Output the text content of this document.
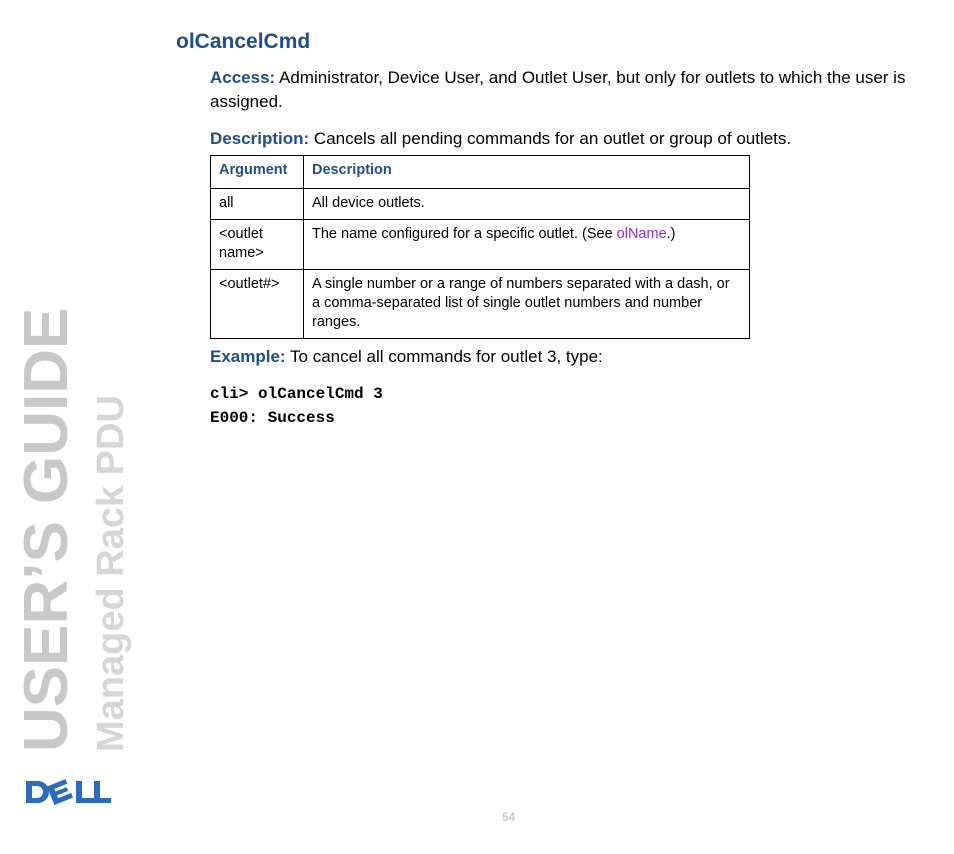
USER’S GUIDE Managed Rack PDU
olCancelCmd

Access: Administrator, Device User, and Outlet User, but only for outlets to which the user is assigned.

Description: Cancels all pending commands for an outlet or group of outlets.

Argument	Description
all	All device outlets.
<outlet name>	The name configured for a specific outlet. (See olName.)
<outlet#>	A single number or a range of numbers separated with a dash, or a comma-separated list of single outlet numbers and number ranges.

Example: To cancel all commands for outlet 3, type:

cli> olCancelCmd 3
E000: Success
54
